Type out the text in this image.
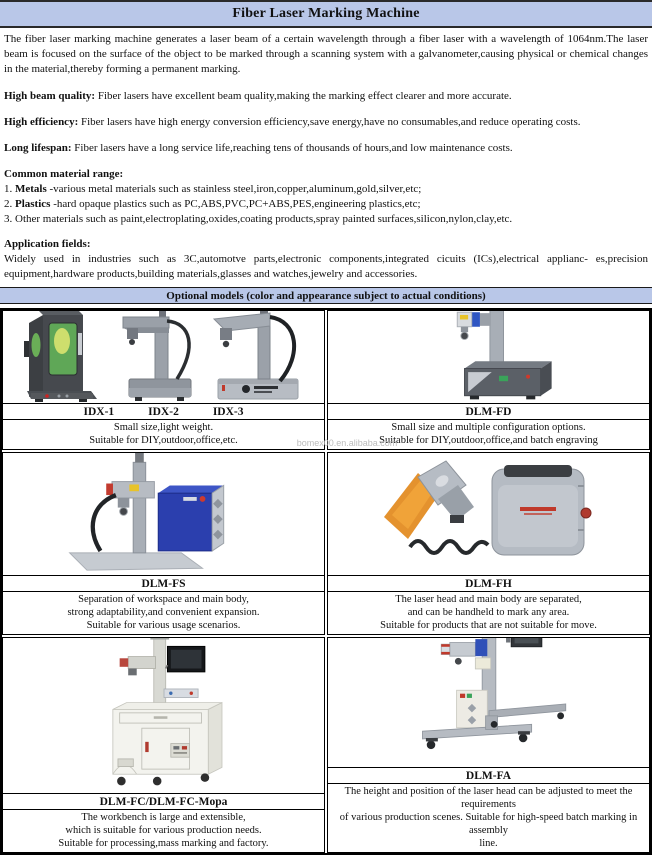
Fiber Laser Marking Machine

The fiber laser marking machine generates a laser beam of a certain wavelength through a fiber laser with a wavelength of 1064nm.The laser beam is focused on the surface of the object to be marked through a scanning system with a galvanometer,causing physical or chemical changes in the material,thereby forming a permanent marking.

High beam quality: Fiber lasers have excellent beam quality,making the marking effect clearer and more accurate.

High efficiency: Fiber lasers have high energy conversion efficiency,save energy,have no consumables,and reduce operating costs.

Long lifespan: Fiber lasers have a long service life,reaching tens of thousands of hours,and low maintenance costs.

Common material range:

1. Metals -various metal materials such as stainless steel,iron,copper,aluminum,gold,silver,etc;

2. Plastics -hard opaque plastics such as PC,ABS,PVC,PC+ABS,PES,engineering plastics,etc;

3. Other materials such as paint,electroplating,oxides,coating products,spray painted surfaces,silicon,nylon,clay,etc.

Application fields:

Widely used in industries such as 3C,automotve parts,electronic components,integrated cicuits (ICs),electrical applianc- es,precision equipment,hardware products,building materials,glasses and watches,jewelry and accessories.

Optional models (color and appearance subject to actual conditions)
IDX-1	IDX-2	IDX-3
Small size,light weight.
Suitable for DIY,outdoor,office,etc.
DLM-FD
Small size and multiple configuration options.
Suitable for DIY,outdoor,office,and batch engraving
DLM-FS
Separation of workspace and main body,
strong adaptability,and convenient expansion.
Suitable for various usage scenarios.
DLM-FH
The laser head and main body are separated,
and can be handheld to mark any area.
Suitable for products that are not suitable for move.
DLM-FC/DLM-FC-Mopa
The workbench is large and extensible,
which is suitable for various production needs.
Suitable for processing,mass marking and factory.
DLM-FA
The height and position of the laser head can be adjusted to meet the requirements
of various production scenes. Suitable for high-speed batch marking in assembly
line.
bomex00.en.alibaba.com
